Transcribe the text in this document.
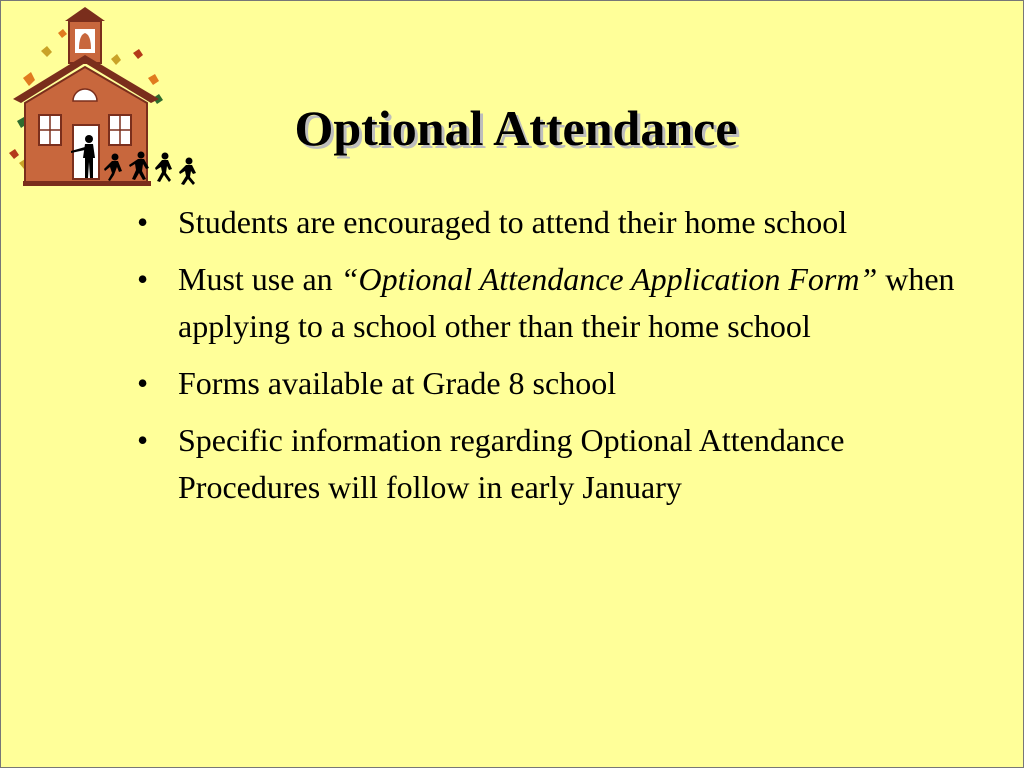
Optional Attendance
• Students are encouraged to attend their home school
• Must use an “Optional Attendance Application Form” when applying to a school other than their home school
• Forms available at Grade 8 school
• Specific information regarding Optional Attendance Procedures will follow in early January
